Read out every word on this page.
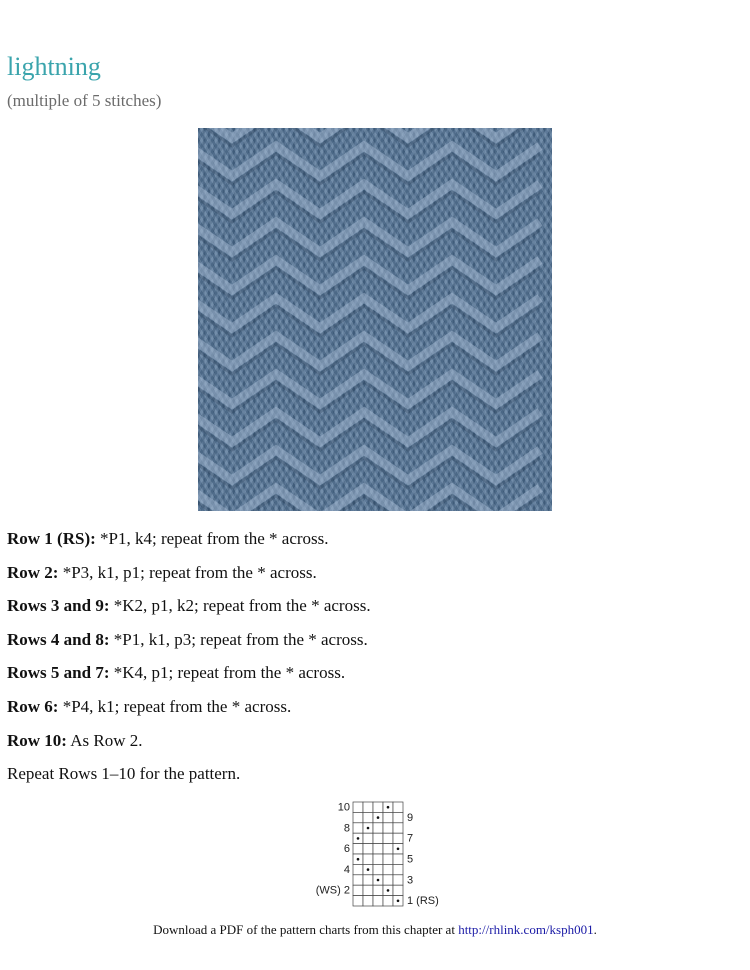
lightning
(multiple of 5 stitches)
Row 1 (RS): *P1, k4; repeat from the * across.
Row 2: *P3, k1, p1; repeat from the * across.
Rows 3 and 9: *K2, p1, k2; repeat from the * across.
Rows 4 and 8: *P1, k1, p3; repeat from the * across.
Rows 5 and 7: *K4, p1; repeat from the * across.
Row 6: *P4, k1; repeat from the * across.
Row 10: As Row 2.
Repeat Rows 1–10 for the pattern.
10
8
6
4
(WS) 2
9
7
5
3
1 (RS)
Download a PDF of the pattern charts from this chapter at http://rhlink.com/ksph001.
